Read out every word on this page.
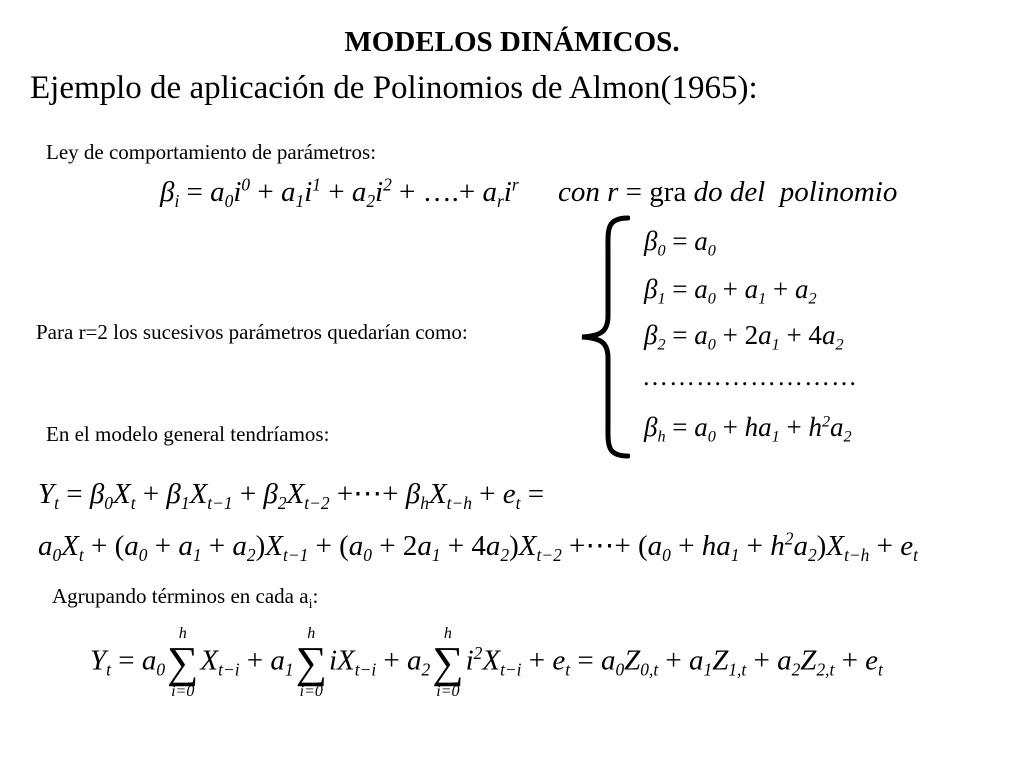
MODELOS DINÁMICOS.
Ejemplo de aplicación de Polinomios de Almon(1965):
Ley de comportamiento de parámetros:
$\beta_i = a_0i^0 + a_1i^1 + a_2i^2$ + ….+ $a_ri^r$ con r = gra do del  polinomio
$\beta_0 = a_0$
$\beta_1 = a_0 + a_1 + a_2$
Para r=2 los sucesivos parámetros quedarían como:	$\beta_2 = a_0 + 2a_1 + 4a_2$
……………………
En el modelo general tendríamos:	$\beta_h = a_0 + ha_1 + h^2a_2$
$Y_t = \beta_0X_t + \beta_1X_{t-1} + \beta_2X_{t-2}$ +⋯+ $\beta_hX_{t-h} + e_t$ =
$a_0X_t + (a_0 + a_1 + a_2)X_{t-1} + (a_0 + 2a_1 + 4a_2)X_{t-2}$ +⋯+ $(a_0 + ha_1 + h^2a_2)X_{t-h} + e_t$
Agrupando términos en cada $a_i$:
$Y_t = a_0$
h
∑
i=0
$X_{t-i} + a_1$
h
∑
i=0
$iX_{t-i} + a_2$
h
∑
i=0
$i^2X_{t-i} + e_t = a_0Z_{0,t} + a_1Z_{1,t} + a_2Z_{2,t} + e_t$
